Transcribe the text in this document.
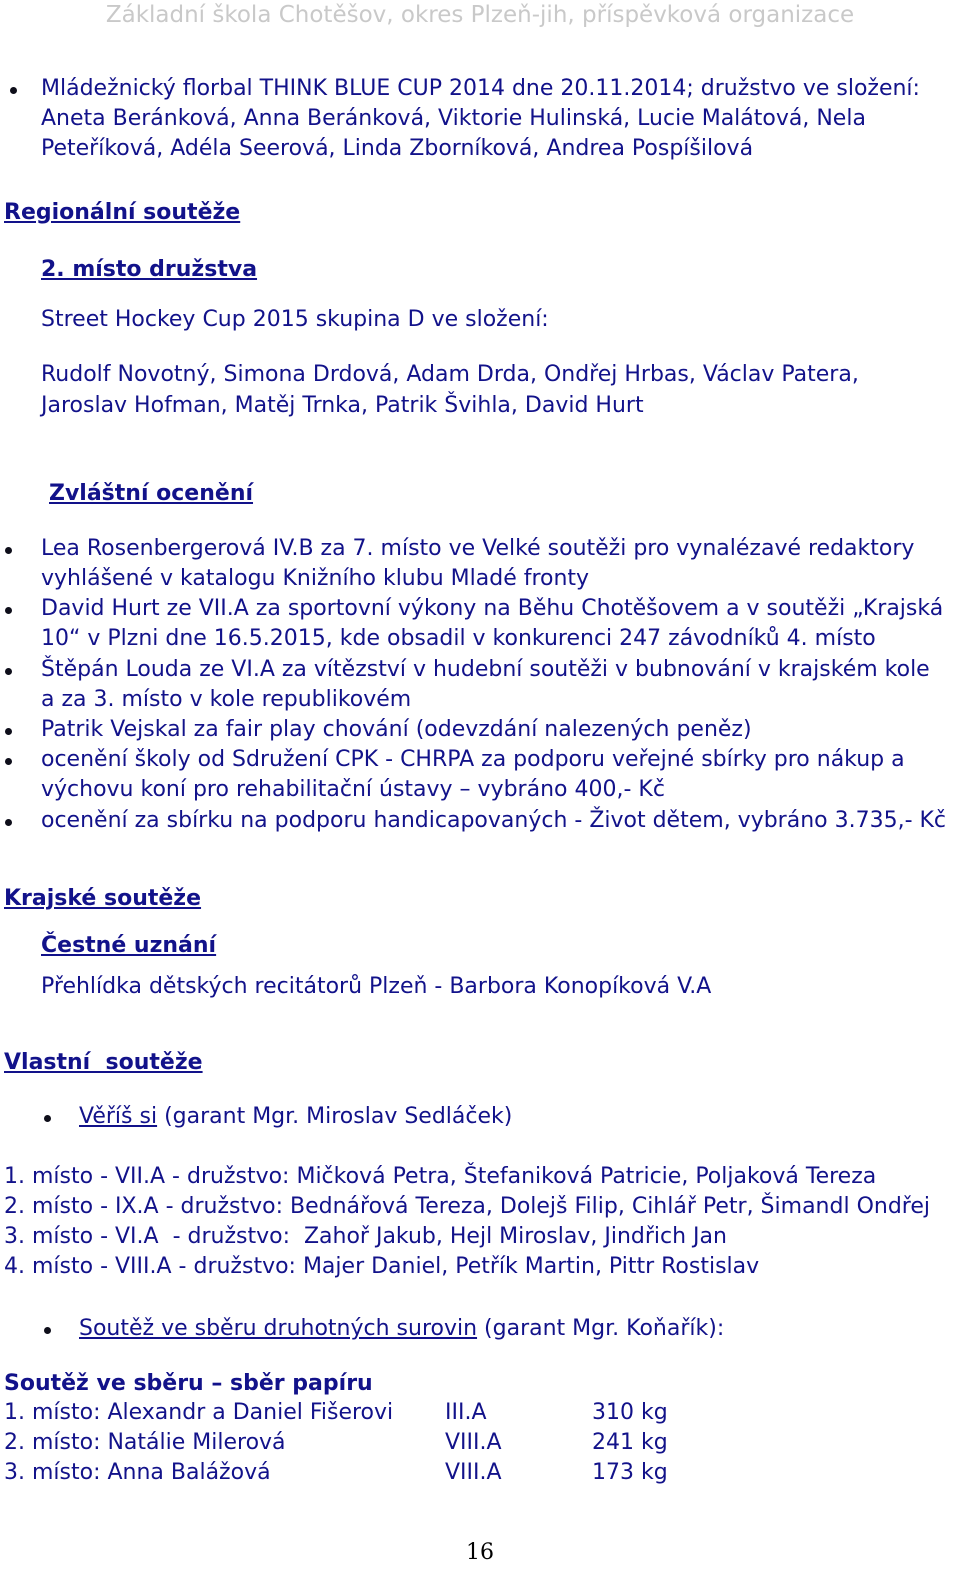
Základní škola Chotěšov, okres Plzeň-jih, příspěvková organizace
Mládežnický florbal THINK BLUE CUP 2014 dne 20.11.2014; družstvo ve složení:
Aneta Beránková, Anna Beránková, Viktorie Hulinská, Lucie Malátová, Nela
Peteříková, Adéla Seerová, Linda Zborníková, Andrea Pospíšilová
Regionální soutěže
2. místo družstva
Street Hockey Cup 2015 skupina D ve složení:
Rudolf Novotný, Simona Drdová, Adam Drda, Ondřej Hrbas, Václav Patera,
Jaroslav Hofman, Matěj Trnka, Patrik Švihla, David Hurt
Zvláštní ocenění
Lea Rosenbergerová IV.B za 7. místo ve Velké soutěži pro vynalézavé redaktory
vyhlášené v katalogu Knižního klubu Mladé fronty
David Hurt ze VII.A za sportovní výkony na Běhu Chotěšovem a v soutěži „Krajská
10“ v Plzni dne 16.5.2015, kde obsadil v konkurenci 247 závodníků 4. místo
Štěpán Louda ze VI.A za vítězství v hudební soutěži v bubnování v krajském kole
a za 3. místo v kole republikovém
Patrik Vejskal za fair play chování (odevzdání nalezených peněz)
ocenění školy od Sdružení CPK - CHRPA za podporu veřejné sbírky pro nákup a
výchovu koní pro rehabilitační ústavy – vybráno 400,- Kč
ocenění za sbírku na podporu handicapovaných - Život dětem, vybráno 3.735,- Kč
Krajské soutěže
Čestné uznání
Přehlídka dětských recitátorů Plzeň - Barbora Konopíková V.A
Vlastní  soutěže
Věříš si (garant Mgr. Miroslav Sedláček)
1. místo - VII.A - družstvo: Mičková Petra, Štefaniková Patricie, Poljaková Tereza
2. místo - IX.A - družstvo: Bednářová Tereza, Dolejš Filip, Cihlář Petr, Šimandl Ondřej
3. místo - VI.A  - družstvo:  Zahoř Jakub, Hejl Miroslav, Jindřich Jan
4. místo - VIII.A - družstvo: Majer Daniel, Petřík Martin, Pittr Rostislav
Soutěž ve sběru druhotných surovin (garant Mgr. Koňařík):
Soutěž ve sběru – sběr papíru
1. místo: Alexandr a Daniel Fišerovi III.A	310 kg
2. místo: Natálie Milerová	VIII.A	241 kg
3. místo: Anna Balážová	VIII.A	173 kg
16
